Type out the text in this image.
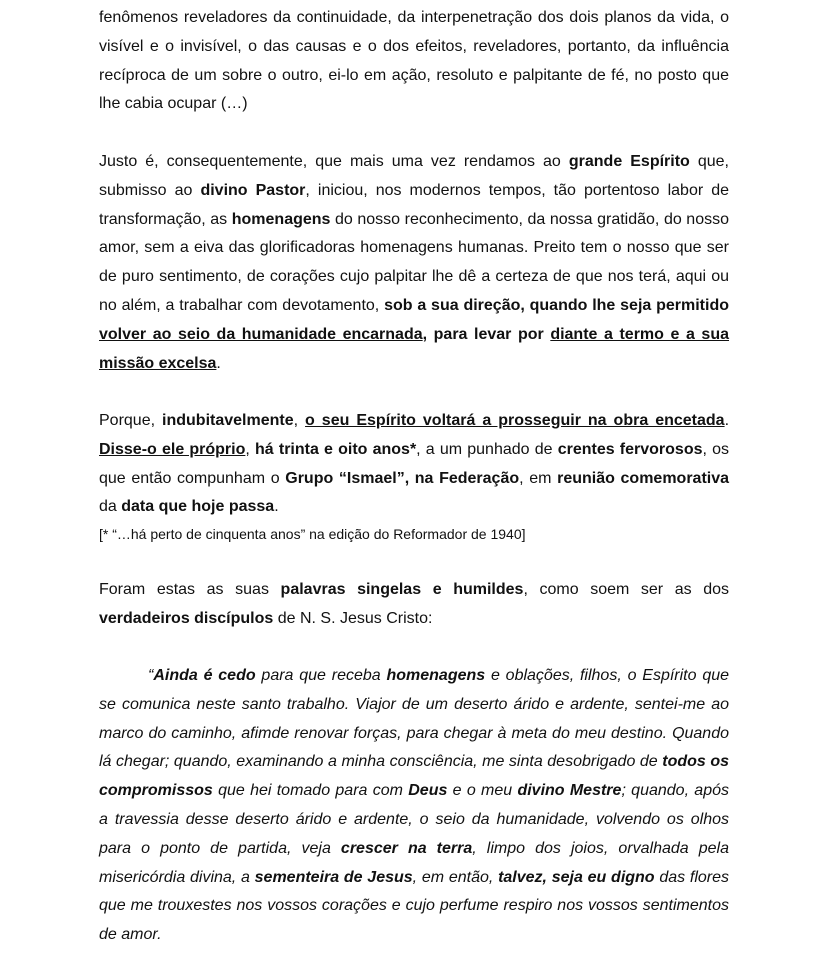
fenômenos reveladores da continuidade, da interpenetração dos dois planos da vida, o visível e o invisível, o das causas e o dos efeitos, reveladores, portanto, da influência recíproca de um sobre o outro, ei-lo em ação, resoluto e palpitante de fé, no posto que lhe cabia ocupar (…)

Justo é, consequentemente, que mais uma vez rendamos ao grande Espírito que, submisso ao divino Pastor, iniciou, nos modernos tempos, tão portentoso labor de transformação, as homenagens do nosso reconhecimento, da nossa gratidão, do nosso amor, sem a eiva das glorificadoras homenagens humanas. Preito tem o nosso que ser de puro sentimento, de corações cujo palpitar lhe dê a certeza de que nos terá, aqui ou no além, a trabalhar com devotamento, sob a sua direção, quando lhe seja permitido volver ao seio da humanidade encarnada, para levar por diante a termo e a sua missão excelsa.

Porque, indubitavelmente, o seu Espírito voltará a prosseguir na obra encetada. Disse-o ele próprio, há trinta e oito anos*, a um punhado de crentes fervorosos, os que então compunham o Grupo “Ismael”, na Federação, em reunião comemorativa da data que hoje passa.

[* “…há perto de cinquenta anos” na edição do Reformador de 1940]

Foram estas as suas palavras singelas e humildes, como soem ser as dos verdadeiros discípulos de N. S. Jesus Cristo:

“Ainda é cedo para que receba homenagens e oblações, filhos, o Espírito que se comunica neste santo trabalho. Viajor de um deserto árido e ardente, sentei-me ao marco do caminho, afimde renovar forças, para chegar à meta do meu destino. Quando lá chegar; quando, examinando a minha consciência, me sinta desobrigado de todos os compromissos que hei tomado para com Deus e o meu divino Mestre; quando, após a travessia desse deserto árido e ardente, o seio da humanidade, volvendo os olhos para o ponto de partida, veja crescer na terra, limpo dos joios, orvalhada pela misericórdia divina, a sementeira de Jesus, em então, talvez, seja eu digno das flores que me trouxestes nos vossos corações e cujo perfume respiro nos vossos sentimentos de amor.
